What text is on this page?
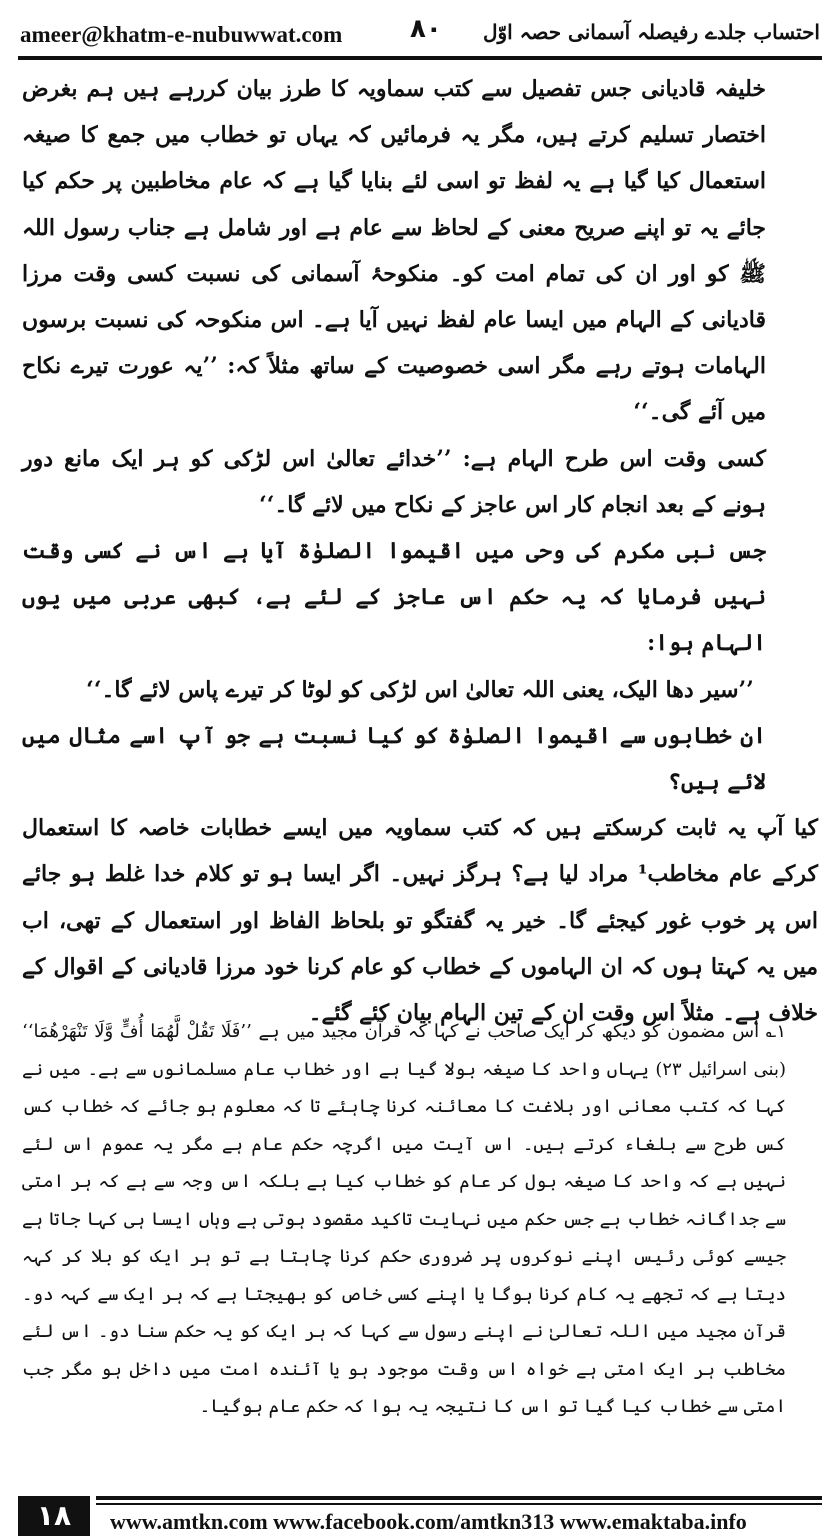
ameer@khatm-e-nubuwwat.com	۸۰ احتساب جلدے رفیصلہ آسمانی حصہ اوّل

خلیفہ قادیانی جس تفصیل سے کتب سماویہ کا طرز بیان کررہے ہیں ہم بغرض اختصار تسلیم کرتے ہیں، مگر یہ فرمائیں کہ یہاں تو خطاب میں جمع کا صیغہ استعمال کیا گیا ہے یہ لفظ تو اسی لئے بنایا گیا ہے کہ عام مخاطبین پر حکم کیا جائے یہ تو اپنے صریح معنی کے لحاظ سے عام ہے اور شامل ہے جناب رسول اللہ ﷺ کو اور ان کی تمام امت کو۔ منکوحۂ آسمانی کی نسبت کسی وقت مرزا قادیانی کے الہام میں ایسا عام لفظ نہیں آیا ہے۔ اس منکوحہ کی نسبت برسوں الہامات ہوتے رہے مگر اسی خصوصیت کے ساتھ مثلاً کہ: ’’یہ عورت تیرے نکاح میں آئے گی۔‘‘

کسی وقت اس طرح الہام ہے: ’’خدائے تعالیٰ اس لڑکی کو ہر ایک مانع دور ہونے کے بعد انجام کار اس عاجز کے نکاح میں لائے گا۔‘‘

جس نبی مکرم کی وحی میں اقیموا الصلوٰۃ آیا ہے اس نے کسی وقت نہیں فرمایا کہ یہ حکم اس عاجز کے لئے ہے، کبھی عربی میں یوں الہام ہوا:

’’سیر دھا الیک، یعنی اللہ تعالیٰ اس لڑکی کو لوٹا کر تیرے پاس لائے گا۔‘‘

ان خطابوں سے اقیموا الصلوٰۃ کو کیا نسبت ہے جو آپ اسے مثال میں لائے ہیں؟

کیا آپ یہ ثابت کرسکتے ہیں کہ کتب سماویہ میں ایسے خطابات خاصہ کا استعمال کرکے عام مخاطب¹ مراد لیا ہے؟ ہرگز نہیں۔ اگر ایسا ہو تو کلام خدا غلط ہو جائے اس پر خوب غور کیجئے گا۔ خیر یہ گفتگو تو بلحاظ الفاظ اور استعمال کے تھی، اب میں یہ کہتا ہوں کہ ان الہاموں کے خطاب کو عام کرنا خود مرزا قادیانی کے اقوال کے خلاف ہے۔ مثلاً اس وقت ان کے تین الہام بیان کئے گئے۔

۱؎ اس مضمون کو دیکھ کر ایک صاحب نے کہا کہ قرآن مجید میں ہے ’’فَلَا تَقُلْ لَّهُمَا أُفٍّ وَّلَا تَنْهَرْهُمَا‘‘ (بنی اسرائیل ۲۳) یہاں واحد کا صیغہ بولا گیا ہے اور خطاب عام مسلمانوں سے ہے۔ میں نے کہا کہ کتب معانی اور بلاغت کا معائنہ کرنا چاہئے تا کہ معلوم ہو جائے کہ خطاب کس کس طرح سے بلغاء کرتے ہیں۔ اس آیت میں اگرچہ حکم عام ہے مگر یہ عموم اس لئے نہیں ہے کہ واحد کا صیغہ بول کر عام کو خطاب کیا ہے بلکہ اس وجہ سے ہے کہ ہر امتی سے جداگانہ خطاب ہے جس حکم میں نہایت تاکید مقصود ہوتی ہے وہاں ایسا ہی کہا جاتا ہے جیسے کوئی رئیس اپنے نوکروں پر ضروری حکم کرنا چاہتا ہے تو ہر ایک کو بلا کر کہہ دیتا ہے کہ تجھے یہ کام کرنا ہوگا یا اپنے کسی خاص کو بھیجتا ہے کہ ہر ایک سے کہہ دو۔ قرآن مجید میں اللہ تعالیٰ نے اپنے رسول سے کہا کہ ہر ایک کو یہ حکم سنا دو۔ اس لئے مخاطب ہر ایک امتی ہے خواہ اس وقت موجود ہو یا آئندہ امت میں داخل ہو مگر جب امتی سے خطاب کیا گیا تو اس کا نتیجہ یہ ہوا کہ حکم عام ہوگیا۔

۱۸	www.amtkn.com www.facebook.com/amtkn313 www.emaktaba.info
